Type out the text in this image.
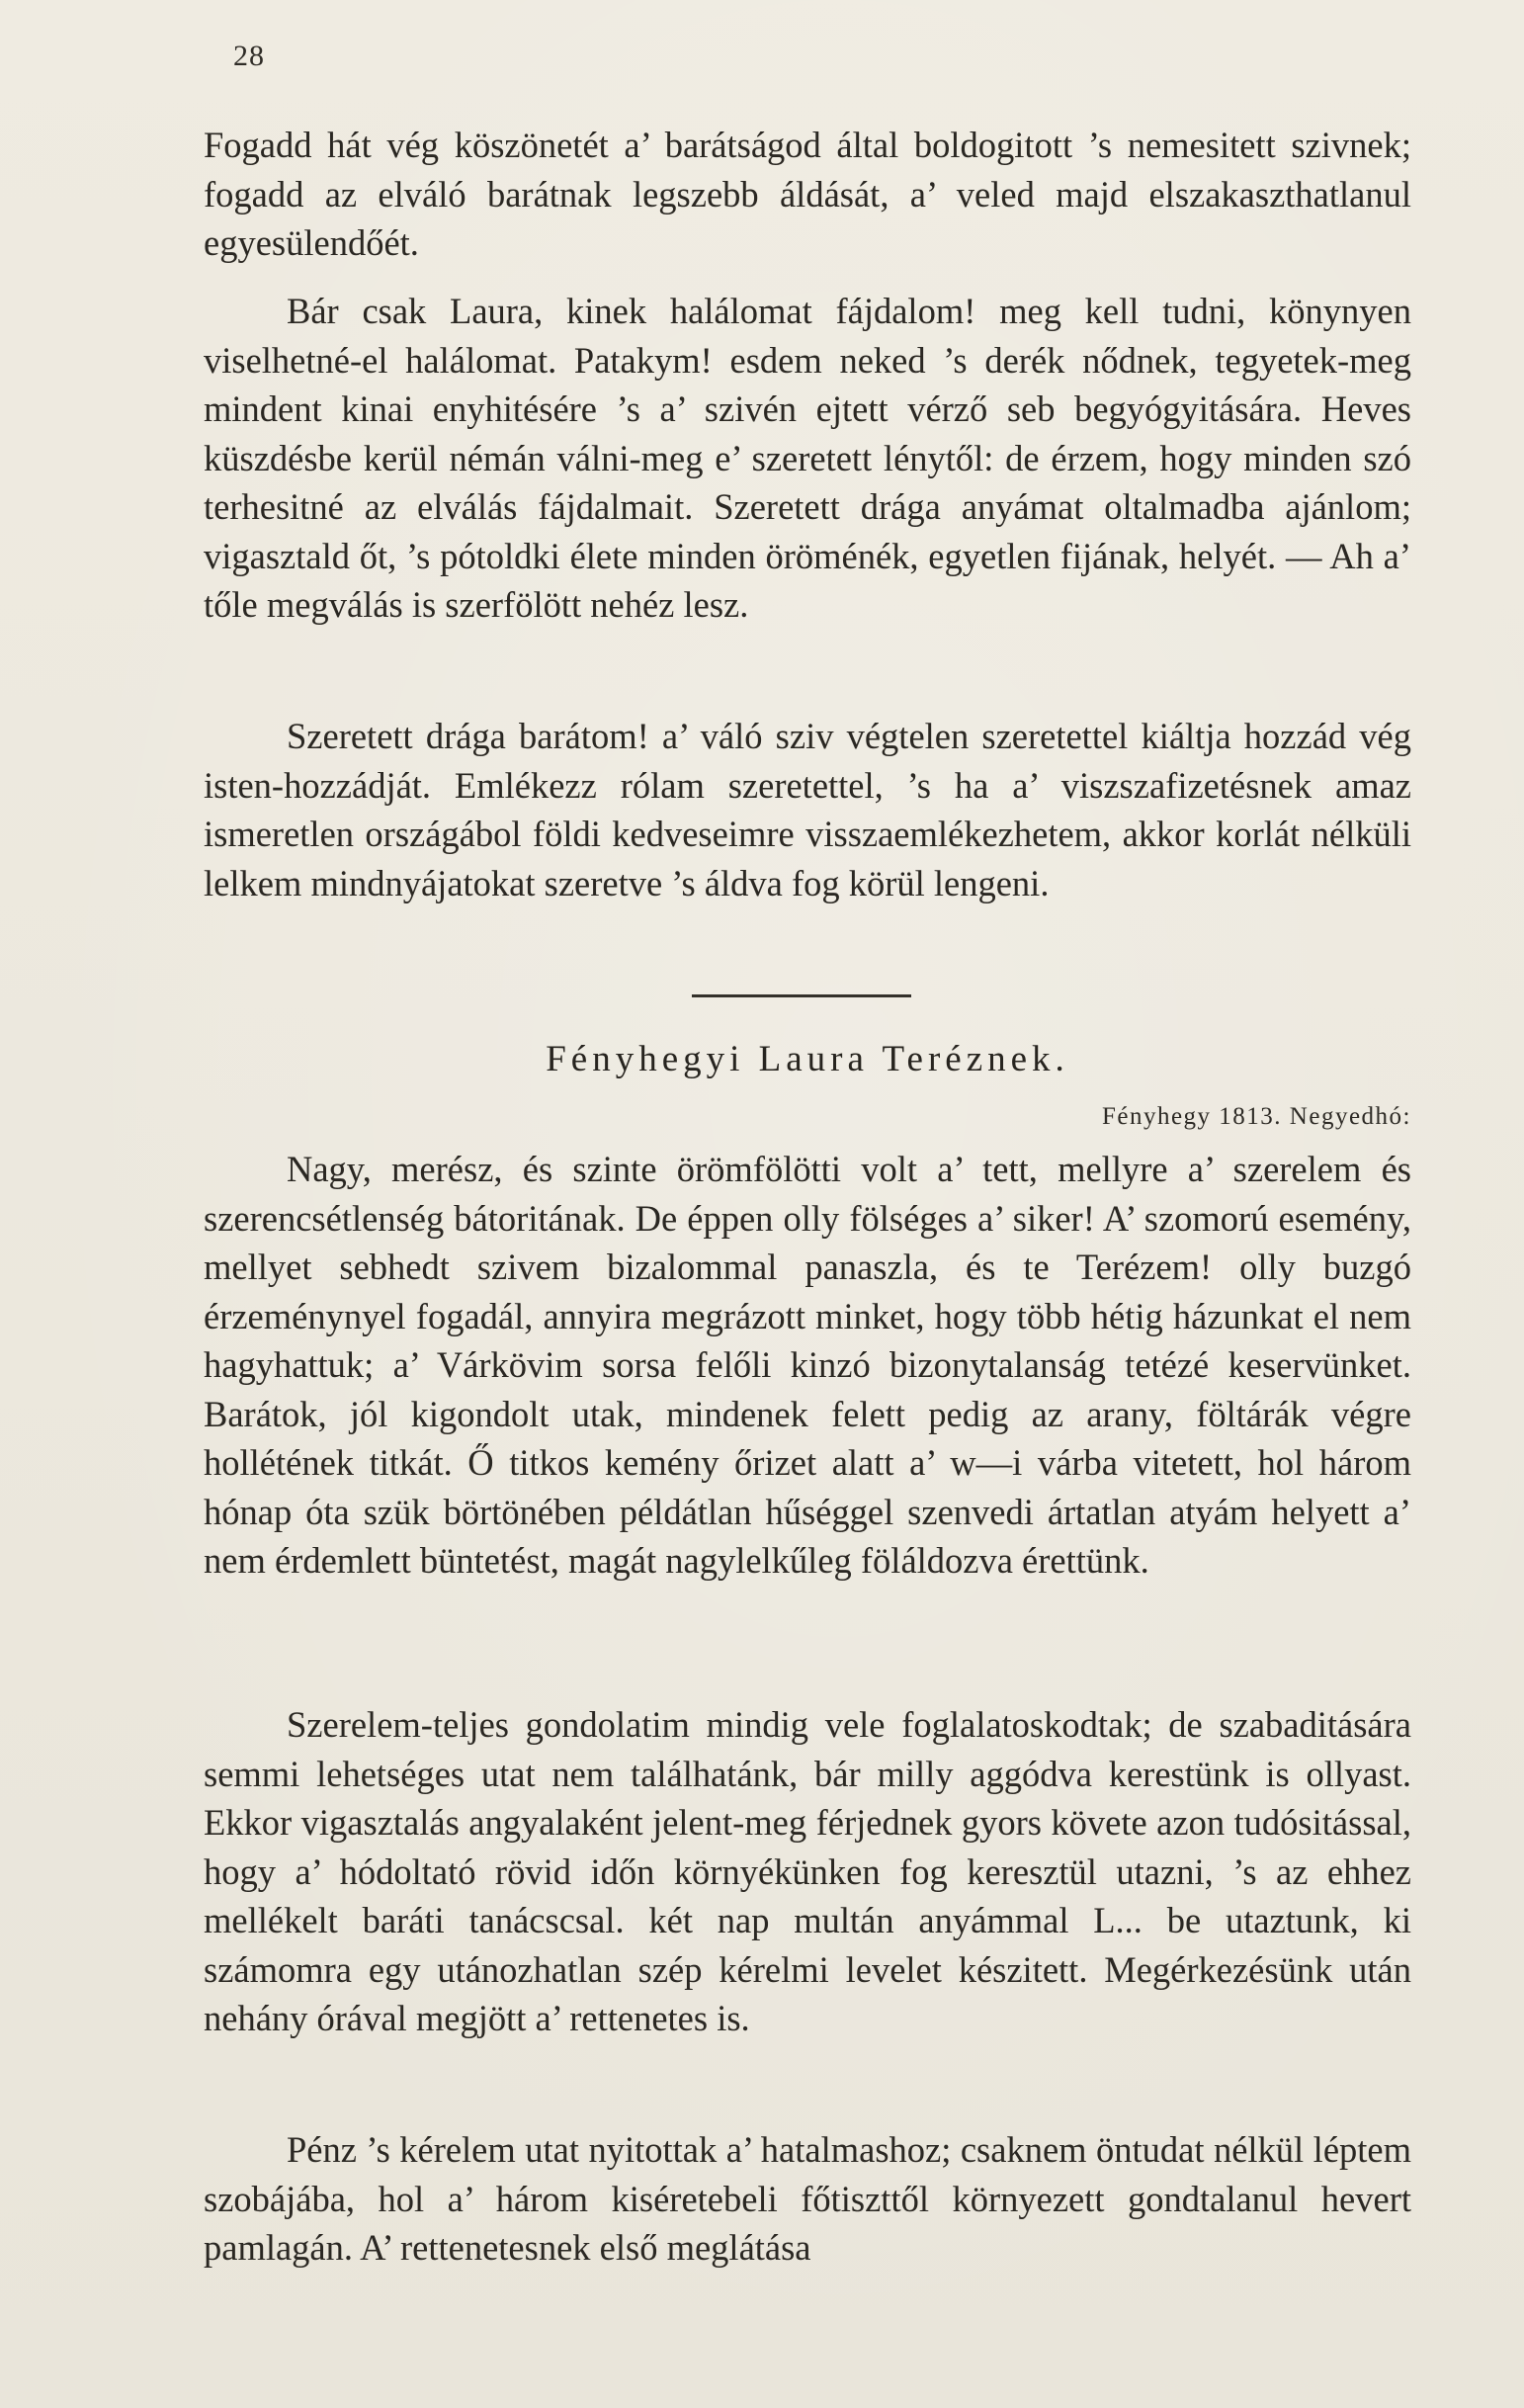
28

Fogadd hát vég köszönetét a’ barátságod által boldogitott ’s nemesitett szivnek; fogadd az elváló barátnak legszebb áldását, a’ veled majd elszakaszthatlanul egyesülendőét.

Bár csak Laura, kinek halálomat fájdalom! meg kell tudni, könynyen viselhetné-el halálomat. Patakym! esdem neked ’s derék nődnek, tegyetek-meg mindent kinai enyhitésére ’s a’ szivén ejtett vérző seb begyógyitására. Heves küszdésbe kerül némán válni-meg e’ szeretett lénytől: de érzem, hogy minden szó terhesitné az elválás fájdalmait. Szeretett drága anyámat oltalmadba ajánlom; vigasztald őt, ’s pótoldki élete minden öröménék, egyetlen fijának, helyét. — Ah a’ tőle megválás is szerfölött nehéz lesz.

Szeretett drága barátom! a’ váló sziv végtelen szeretettel kiáltja hozzád vég isten-hozzádját. Emlékezz rólam szeretettel, ’s ha a’ viszszafizetésnek amaz ismeretlen országábol földi kedveseimre visszaemlékezhetem, akkor korlát nélküli lelkem mindnyájatokat szeretve ’s áldva fog körül lengeni.

Fényhegyi Laura Teréznek.
Fényhegy 1813. Negyedhó:

Nagy, merész, és szinte örömfölötti volt a’ tett, mellyre a’ szerelem és szerencsétlenség bátoritának. De éppen olly fölséges a’ siker! A’ szomorú esemény, mellyet sebhedt szivem bizalommal panaszla, és te Terézem! olly buzgó érzeménynyel fogadál, annyira megrázott minket, hogy több hétig házunkat el nem hagyhattuk; a’ Várkövim sorsa felőli kinzó bizonytalanság tetézé keservünket. Barátok, jól kigondolt utak, mindenek felett pedig az arany, föltárák végre hollétének titkát. Ő titkos kemény őrizet alatt a’ w—i várba vitetett, hol három hónap óta szük börtönében példátlan hűséggel szenvedi ártatlan atyám helyett a’ nem érdemlett büntetést, magát nagylelkűleg föláldozva érettünk.

Szerelem-teljes gondolatim mindig vele foglalatoskodtak; de szabaditására semmi lehetséges utat nem találhatánk, bár milly aggódva kerestünk is ollyast. Ekkor vigasztalás angyalaként jelent-meg férjednek gyors követe azon tudósitással, hogy a’ hódoltató rövid időn környékünken fog keresztül utazni, ’s az ehhez mellékelt baráti tanácscsal. két nap multán anyámmal L... be utaztunk, ki számomra egy utánozhatlan szép kérelmi levelet készitett. Megérkezésünk után nehány órával megjött a’ rettenetes is.

Pénz ’s kérelem utat nyitottak a’ hatalmashoz; csaknem öntudat nélkül léptem szobájába, hol a’ három kiséretebeli főtiszttől környezett gondtalanul hevert pamlagán. A’ rettenetesnek első meglátása
